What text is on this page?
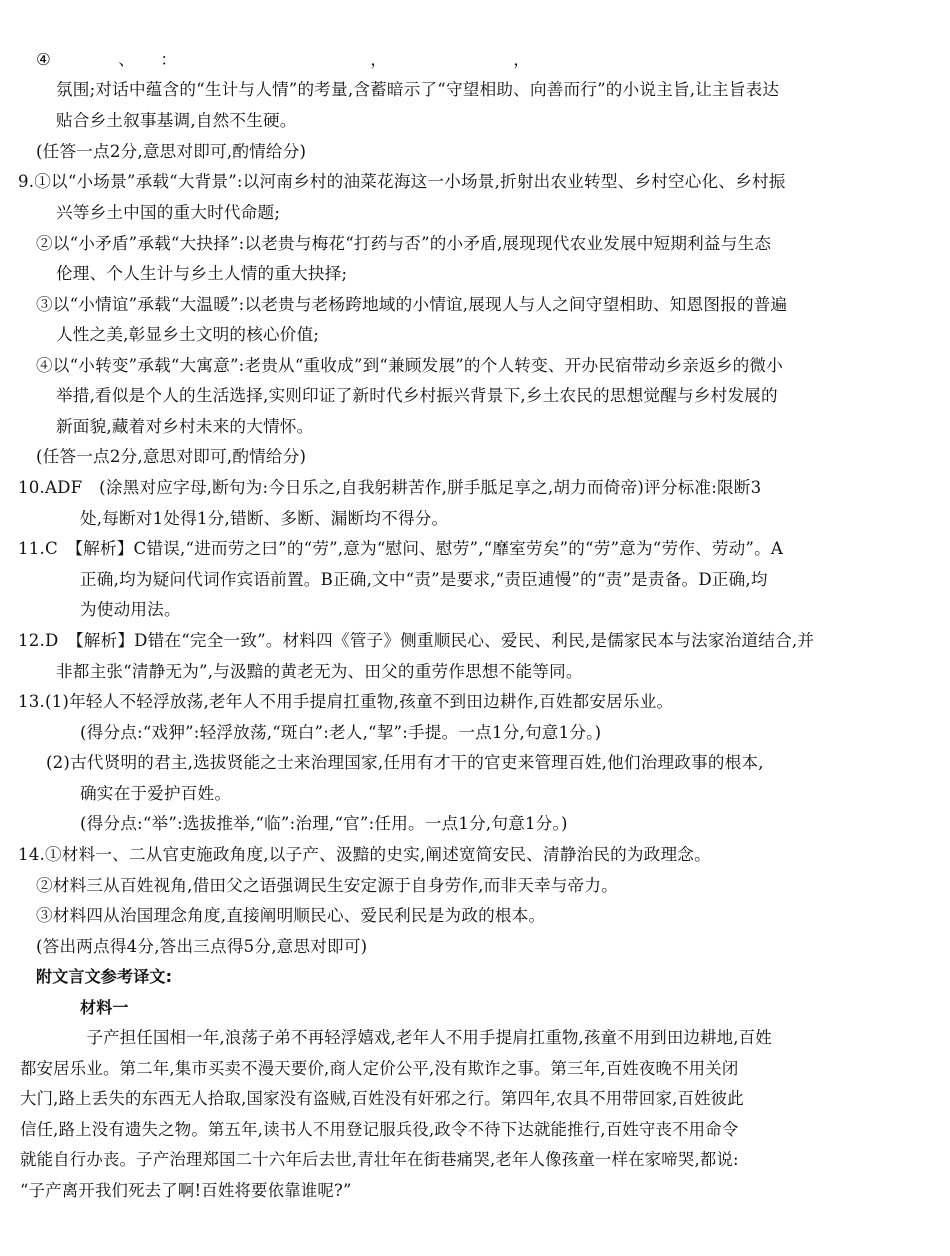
④　　　　、　　：　　　　　　　　　　　　，　　　　　　　　，
氛围;对话中蕴含的“生计与人情”的考量,含蓄暗示了“守望相助、向善而行”的小说主旨,让主旨表达
贴合乡土叙事基调,自然不生硬。
(任答一点2分,意思对即可,酌情给分)
9.①以“小场景”承载“大背景”:以河南乡村的油菜花海这一小场景,折射出农业转型、乡村空心化、乡村振
兴等乡土中国的重大时代命题;
②以“小矛盾”承载“大抉择”:以老贵与梅花“打药与否”的小矛盾,展现现代农业发展中短期利益与生态
伦理、个人生计与乡土人情的重大抉择;
③以“小情谊”承载“大温暖”:以老贵与老杨跨地域的小情谊,展现人与人之间守望相助、知恩图报的普遍
人性之美,彰显乡土文明的核心价值;
④以“小转变”承载“大寓意”:老贵从“重收成”到“兼顾发展”的个人转变、开办民宿带动乡亲返乡的微小
举措,看似是个人的生活选择,实则印证了新时代乡村振兴背景下,乡土农民的思想觉醒与乡村发展的
新面貌,藏着对乡村未来的大情怀。
(任答一点2分,意思对即可,酌情给分)
10.ADF　(涂黑对应字母,断句为:今日乐之,自我躬耕苦作,胼手胝足享之,胡力而倚帝)评分标准:限断3
处,每断对1处得1分,错断、多断、漏断均不得分。
11.C　【解析】C错误,“进而劳之曰”的“劳”,意为“慰问、慰劳”,“靡室劳矣”的“劳”意为“劳作、劳动”。A
正确,均为疑问代词作宾语前置。B正确,文中“责”是要求,“责臣逋慢”的“责”是责备。D正确,均
为使动用法。
12.D　【解析】D错在“完全一致”。材料四《管子》侧重顺民心、爱民、利民,是儒家民本与法家治道结合,并
非都主张“清静无为”,与汲黯的黄老无为、田父的重劳作思想不能等同。
13.(1)年轻人不轻浮放荡,老年人不用手提肩扛重物,孩童不到田边耕作,百姓都安居乐业。
(得分点:“戏狎”:轻浮放荡,“斑白”:老人,“挈”:手提。一点1分,句意1分。)
(2)古代贤明的君主,选拔贤能之士来治理国家,任用有才干的官吏来管理百姓,他们治理政事的根本,
确实在于爱护百姓。
(得分点:“举”:选拔推举,“临”:治理,“官”:任用。一点1分,句意1分。)
14.①材料一、二从官吏施政角度,以子产、汲黯的史实,阐述宽简安民、清静治民的为政理念。
②材料三从百姓视角,借田父之语强调民生安定源于自身劳作,而非天幸与帝力。
③材料四从治国理念角度,直接阐明顺民心、爱民利民是为政的根本。
(答出两点得4分,答出三点得5分,意思对即可)
附文言文参考译文:
材料一
　子产担任国相一年,浪荡子弟不再轻浮嬉戏,老年人不用手提肩扛重物,孩童不用到田边耕地,百姓
都安居乐业。第二年,集市买卖不漫天要价,商人定价公平,没有欺诈之事。第三年,百姓夜晚不用关闭
大门,路上丢失的东西无人拾取,国家没有盗贼,百姓没有奸邪之行。第四年,农具不用带回家,百姓彼此
信任,路上没有遗失之物。第五年,读书人不用登记服兵役,政令不待下达就能推行,百姓守丧不用命令
就能自行办丧。子产治理郑国二十六年后去世,青壮年在街巷痛哭,老年人像孩童一样在家啼哭,都说:
“子产离开我们死去了啊!百姓将要依靠谁呢?”
